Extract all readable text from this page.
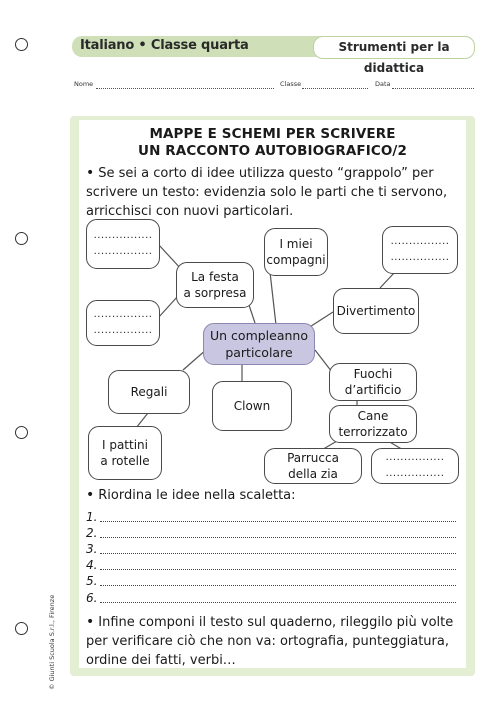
Italiano • Classe quarta	Strumenti per la didattica
Nome	Classe	Data
MAPPE E SCHEMI PER SCRIVERE
UN RACCONTO AUTOBIOGRAFICO/2
• Se sei a corto di idee utilizza questo “grappolo” per
scrivere un testo: evidenzia solo le parti che ti servono,
arricchisci con nuovi particolari.
................
................
La festa
a sorpresa
I miei
compagni
................
................
Divertimento
................
................	Un compleanno
particolare
Fuochi
d’artificio
Regali
Clown
Cane
terrorizzato
I pattini
a rotelle	Parrucca
della zia
................
................
• Riordina le idee nella scaletta:
1.
2.
3.
4.
5.
6.
• Infine componi il testo sul quaderno, rileggilo più volte
per verificare ciò che non va: ortografia, punteggiatura,
ordine dei fatti, verbi…
© Giunti Scuola S.r.l., Firenze
